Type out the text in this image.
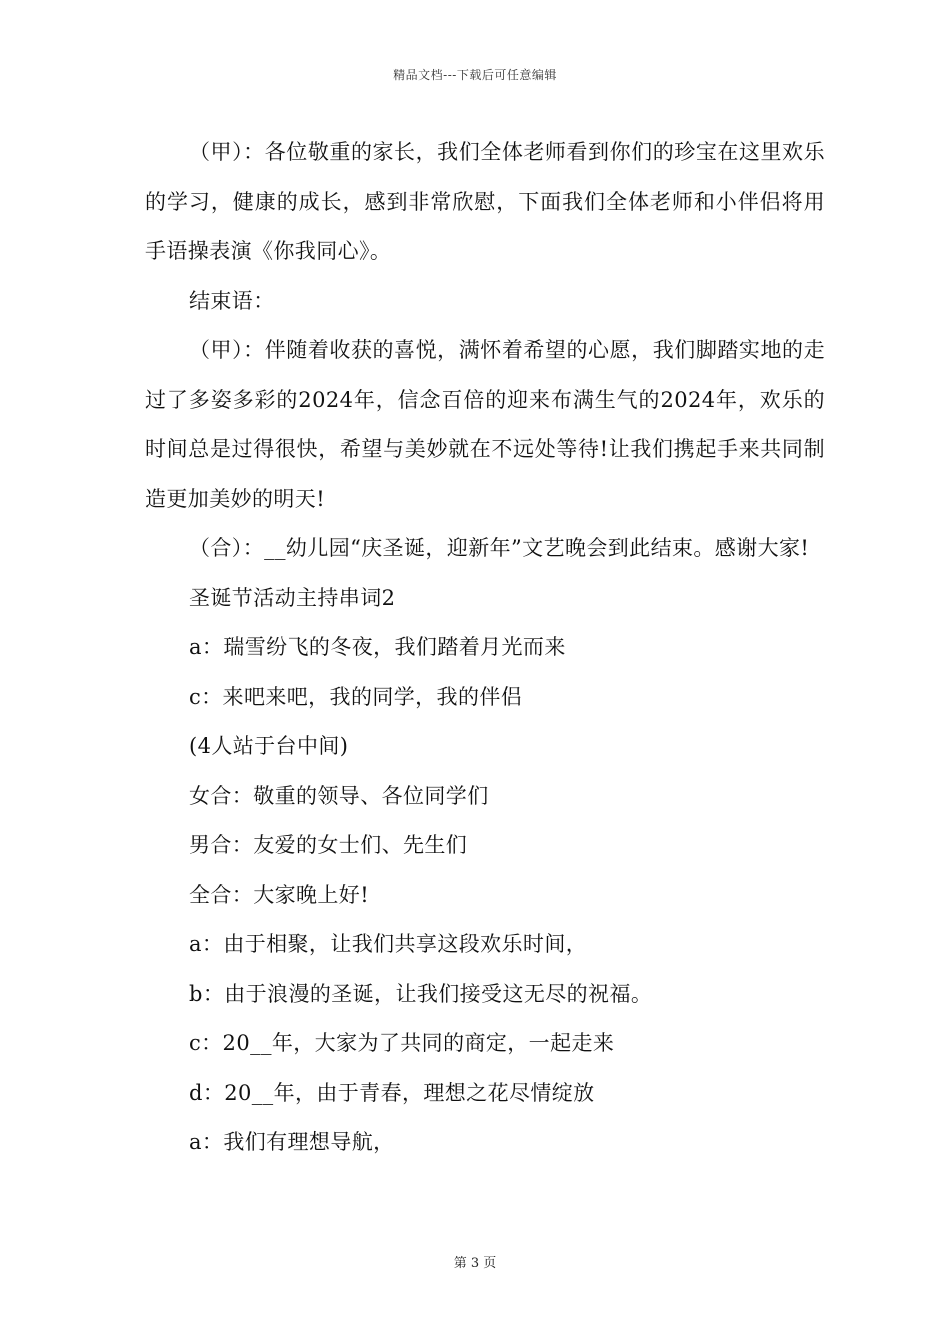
精品文档---下载后可任意编辑

（甲）：各位敬重的家长，我们全体老师看到你们的珍宝在这里欢乐的学习，健康的成长，感到非常欣慰，下面我们全体老师和小伴侣将用手语操表演《你我同心》。

结束语：

（甲）：伴随着收获的喜悦，满怀着希望的心愿，我们脚踏实地的走过了多姿多彩的2024年，信念百倍的迎来布满生气的2024年，欢乐的时间总是过得很快，希望与美妙就在不远处等待!让我们携起手来共同制造更加美妙的明天!

（合）：__幼儿园“庆圣诞，迎新年”文艺晚会到此结束。感谢大家!

圣诞节活动主持串词2

a：瑞雪纷飞的冬夜，我们踏着月光而来

c：来吧来吧，我的同学，我的伴侣

(4人站于台中间)

女合：敬重的领导、各位同学们

男合：友爱的女士们、先生们

全合：大家晚上好!

a：由于相聚，让我们共享这段欢乐时间，

b：由于浪漫的圣诞，让我们接受这无尽的祝福。

c：20__年，大家为了共同的商定，一起走来

d：20__年，由于青春，理想之花尽情绽放

a：我们有理想导航，

第 3 页
